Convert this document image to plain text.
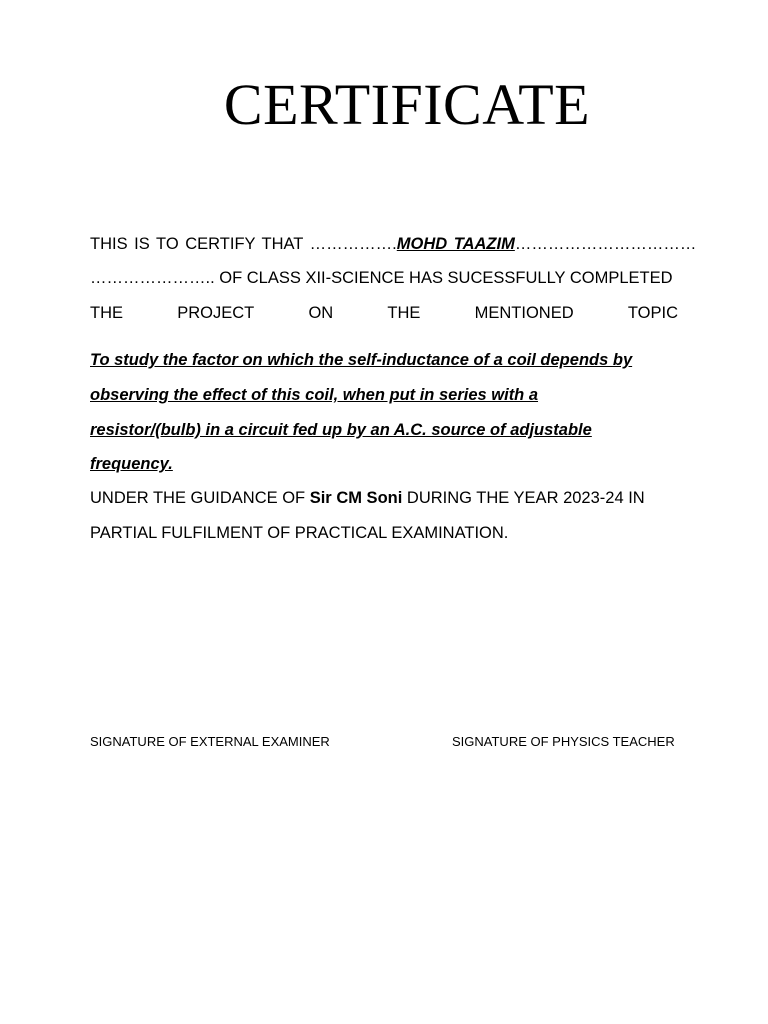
CERTIFICATE
THIS IS TO CERTIFY THAT …………….MOHD TAAZIM……………………………
………………….. OF CLASS XII-SCIENCE HAS SUCESSFULLY COMPLETED
THE	PROJECT	ON	THE	MENTIONED	TOPIC
To study the factor on which the self-inductance of a coil depends by
observing the effect of this coil, when put in series with a
resistor/(bulb) in a circuit fed up by an A.C. source of adjustable
frequency.
UNDER THE GUIDANCE OF Sir CM Soni DURING THE YEAR 2023-24 IN
PARTIAL FULFILMENT OF PRACTICAL EXAMINATION.
SIGNATURE OF EXTERNAL EXAMINER	SIGNATURE OF PHYSICS TEACHER
